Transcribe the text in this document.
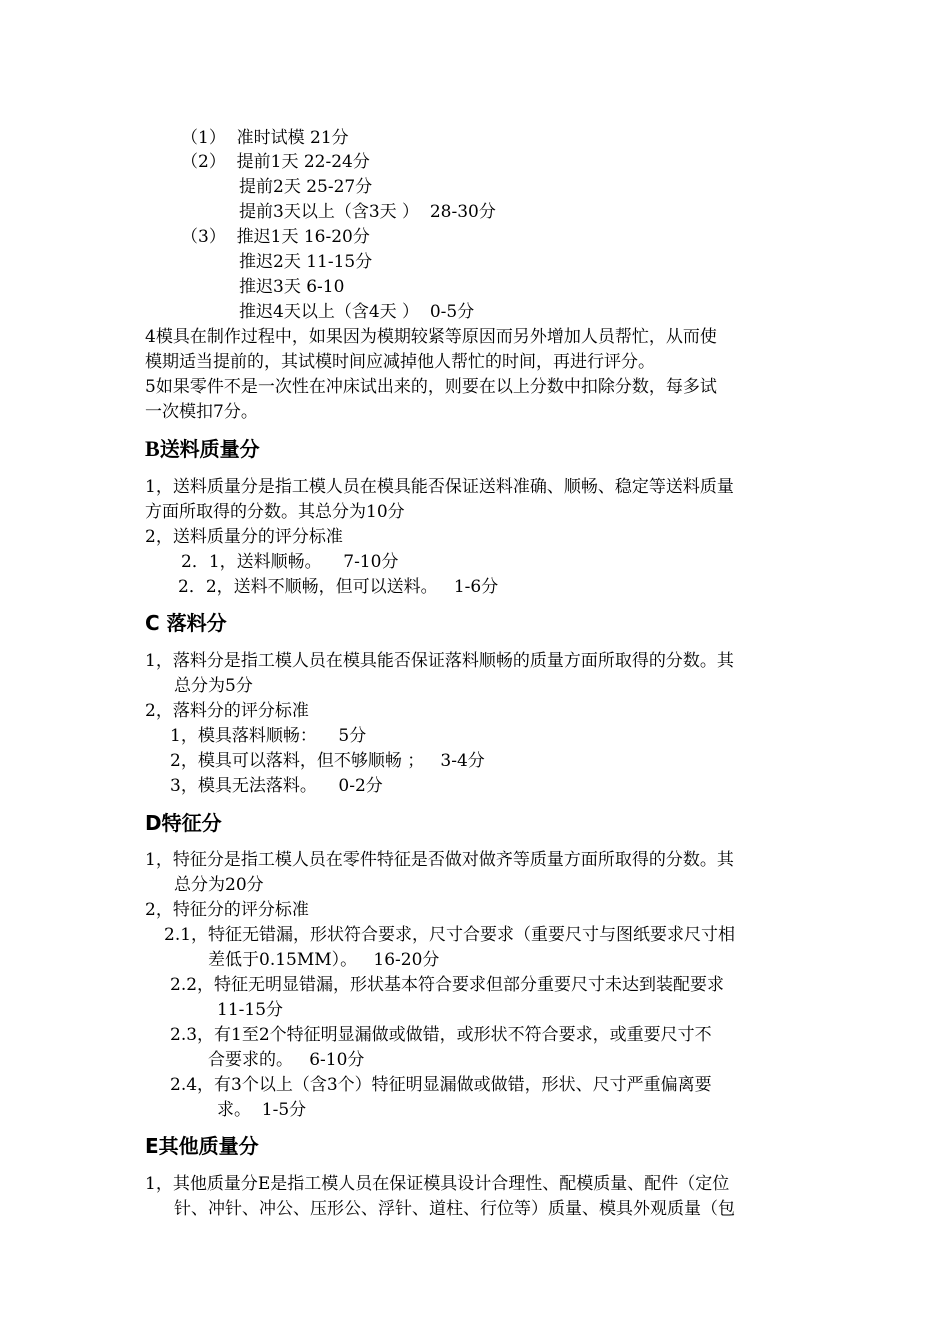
（1）  准时试模 21分
（2）  提前1天 22-24分
提前2天 25-27分
提前3天以上（含3天 ）  28-30分
（3）  推迟1天 16-20分
推迟2天 11-15分
推迟3天 6-10
推迟4天以上（含4天 ）  0-5分
4模具在制作过程中，如果因为模期较紧等原因而另外增加人员帮忙，从而使
模期适当提前的，其试模时间应减掉他人帮忙的时间，再进行评分。
5如果零件不是一次性在冲床试出来的，则要在以上分数中扣除分数，每多试
一次模扣7分。
B送料质量分
1，送料质量分是指工模人员在模具能否保证送料准确、顺畅、稳定等送料质量
方面所取得的分数。其总分为10分
2，送料质量分的评分标准
2．1，送料顺畅。    7-10分
2．2，送料不顺畅，但可以送料。   1-6分
C 落料分
1，落料分是指工模人员在模具能否保证落料顺畅的质量方面所取得的分数。其
总分为5分
2，落料分的评分标准
1，模具落料顺畅：    5分
2，模具可以落料，但不够顺畅 ；   3-4分
3，模具无法落料。    0-2分
D特征分
1，特征分是指工模人员在零件特征是否做对做齐等质量方面所取得的分数。其
总分为20分
2，特征分的评分标准
2.1，特征无错漏，形状符合要求，尺寸合要求（重要尺寸与图纸要求尺寸相
差低于0.15MM）。   16-20分
2.2，特征无明显错漏，形状基本符合要求但部分重要尺寸未达到装配要求
11-15分
2.3，有1至2个特征明显漏做或做错，或形状不符合要求，或重要尺寸不
合要求的。   6-10分
2.4，有3个以上（含3个）特征明显漏做或做错，形状、尺寸严重偏离要
求。  1-5分
E其他质量分
1，其他质量分E是指工模人员在保证模具设计合理性、配模质量、配件（定位
针、冲针、冲公、压形公、浮针、道柱、行位等）质量、模具外观质量（包
